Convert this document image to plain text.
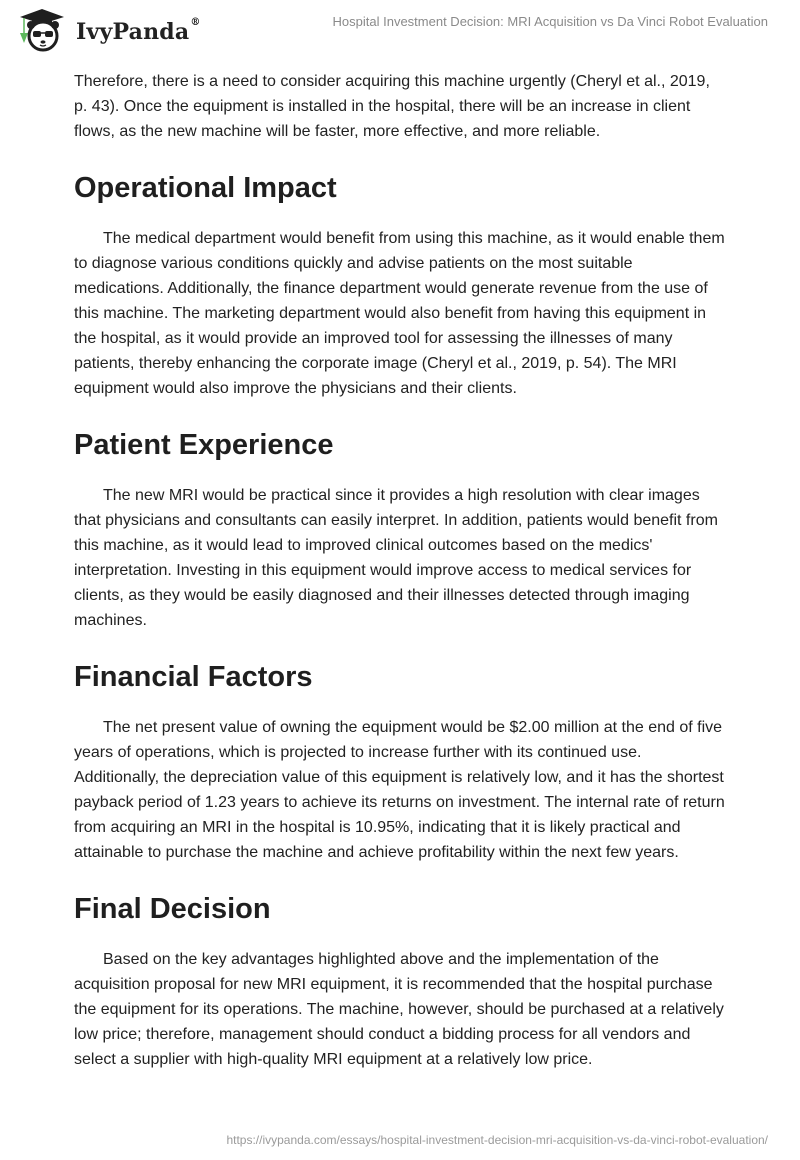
IvyPanda®	Hospital Investment Decision: MRI Acquisition vs Da Vinci Robot Evaluation

Therefore, there is a need to consider acquiring this machine urgently (Cheryl et al., 2019, p. 43). Once the equipment is installed in the hospital, there will be an increase in client flows, as the new machine will be faster, more effective, and more reliable.

Operational Impact

The medical department would benefit from using this machine, as it would enable them to diagnose various conditions quickly and advise patients on the most suitable medications. Additionally, the finance department would generate revenue from the use of this machine. The marketing department would also benefit from having this equipment in the hospital, as it would provide an improved tool for assessing the illnesses of many patients, thereby enhancing the corporate image (Cheryl et al., 2019, p. 54). The MRI equipment would also improve the physicians and their clients.

Patient Experience

The new MRI would be practical since it provides a high resolution with clear images that physicians and consultants can easily interpret. In addition, patients would benefit from this machine, as it would lead to improved clinical outcomes based on the medics' interpretation. Investing in this equipment would improve access to medical services for clients, as they would be easily diagnosed and their illnesses detected through imaging machines.

Financial Factors

The net present value of owning the equipment would be $2.00 million at the end of five years of operations, which is projected to increase further with its continued use. Additionally, the depreciation value of this equipment is relatively low, and it has the shortest payback period of 1.23 years to achieve its returns on investment. The internal rate of return from acquiring an MRI in the hospital is 10.95%, indicating that it is likely practical and attainable to purchase the machine and achieve profitability within the next few years.

Final Decision

Based on the key advantages highlighted above and the implementation of the acquisition proposal for new MRI equipment, it is recommended that the hospital purchase the equipment for its operations. The machine, however, should be purchased at a relatively low price; therefore, management should conduct a bidding process for all vendors and select a supplier with high-quality MRI equipment at a relatively low price.

https://ivypanda.com/essays/hospital-investment-decision-mri-acquisition-vs-da-vinci-robot-evaluation/
